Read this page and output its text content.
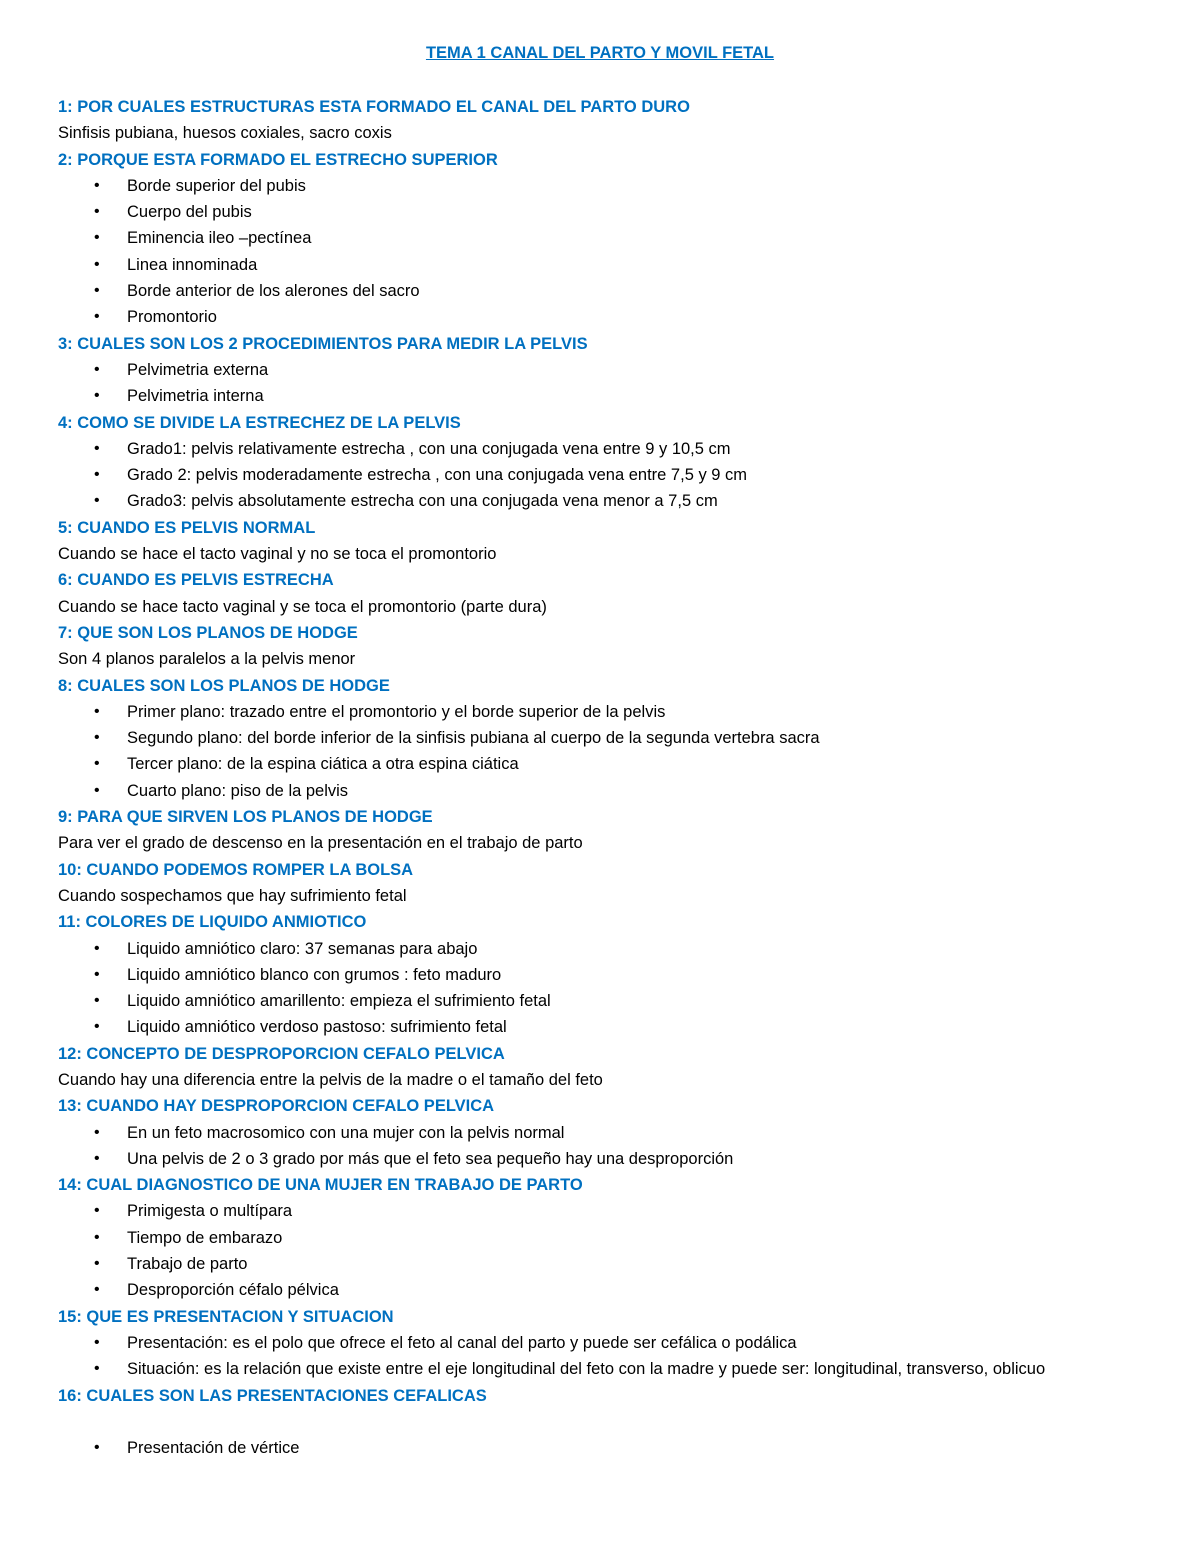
TEMA 1 CANAL DEL PARTO Y MOVIL FETAL

1: POR CUALES ESTRUCTURAS ESTA FORMADO EL CANAL DEL PARTO DURO

Sinfisis pubiana, huesos coxiales, sacro coxis

2: PORQUE ESTA FORMADO EL ESTRECHO SUPERIOR

• Borde superior del pubis
• Cuerpo del pubis
• Eminencia ileo –pectínea
• Linea innominada
• Borde anterior de los alerones del sacro
• Promontorio

3: CUALES SON LOS 2 PROCEDIMIENTOS PARA MEDIR LA PELVIS

• Pelvimetria externa
• Pelvimetria interna

4: COMO SE DIVIDE LA ESTRECHEZ DE LA PELVIS

• Grado1: pelvis relativamente estrecha , con una conjugada vena entre 9 y 10,5 cm
• Grado 2: pelvis moderadamente estrecha , con una conjugada vena entre 7,5 y 9 cm
• Grado3: pelvis absolutamente estrecha con una conjugada vena menor a 7,5 cm

5: CUANDO ES PELVIS NORMAL

Cuando se hace el tacto vaginal y no se toca el promontorio

6: CUANDO ES PELVIS ESTRECHA

Cuando se hace tacto vaginal y se toca el promontorio (parte dura)

7: QUE SON LOS PLANOS DE HODGE

Son 4 planos paralelos a la pelvis menor

8: CUALES SON LOS PLANOS DE HODGE

• Primer plano: trazado entre el promontorio y el borde superior de la pelvis
• Segundo plano: del borde inferior de la sinfisis pubiana al cuerpo de la segunda vertebra sacra
• Tercer plano: de la espina ciática a otra espina ciática
• Cuarto plano: piso de la pelvis

9: PARA QUE SIRVEN LOS PLANOS DE HODGE

Para ver el grado de descenso en la presentación en el trabajo de parto

10: CUANDO PODEMOS ROMPER LA BOLSA

Cuando sospechamos que hay sufrimiento fetal

11: COLORES DE LIQUIDO ANMIOTICO

• Liquido amniótico claro: 37 semanas para abajo
• Liquido amniótico blanco con grumos : feto maduro
• Liquido amniótico amarillento: empieza el sufrimiento fetal
• Liquido amniótico verdoso pastoso: sufrimiento fetal

12: CONCEPTO DE DESPROPORCION CEFALO PELVICA

Cuando hay una diferencia entre la pelvis de la madre o el tamaño del feto

13: CUANDO HAY DESPROPORCION CEFALO PELVICA

• En un feto macrosomico con una mujer con la pelvis normal
• Una pelvis de 2 o 3 grado por más que el feto sea pequeño hay una desproporción

14: CUAL DIAGNOSTICO DE UNA MUJER EN TRABAJO DE PARTO

• Primigesta o multípara
• Tiempo de embarazo
• Trabajo de parto
• Desproporción céfalo pélvica

15: QUE ES PRESENTACION Y SITUACION

• Presentación: es el polo que ofrece el feto al canal del parto y puede ser cefálica o podálica
• Situación: es la relación que existe entre el eje longitudinal del feto con la madre y puede ser: longitudinal, transverso, oblicuo

16: CUALES SON LAS PRESENTACIONES CEFALICAS

• Presentación de vértice
